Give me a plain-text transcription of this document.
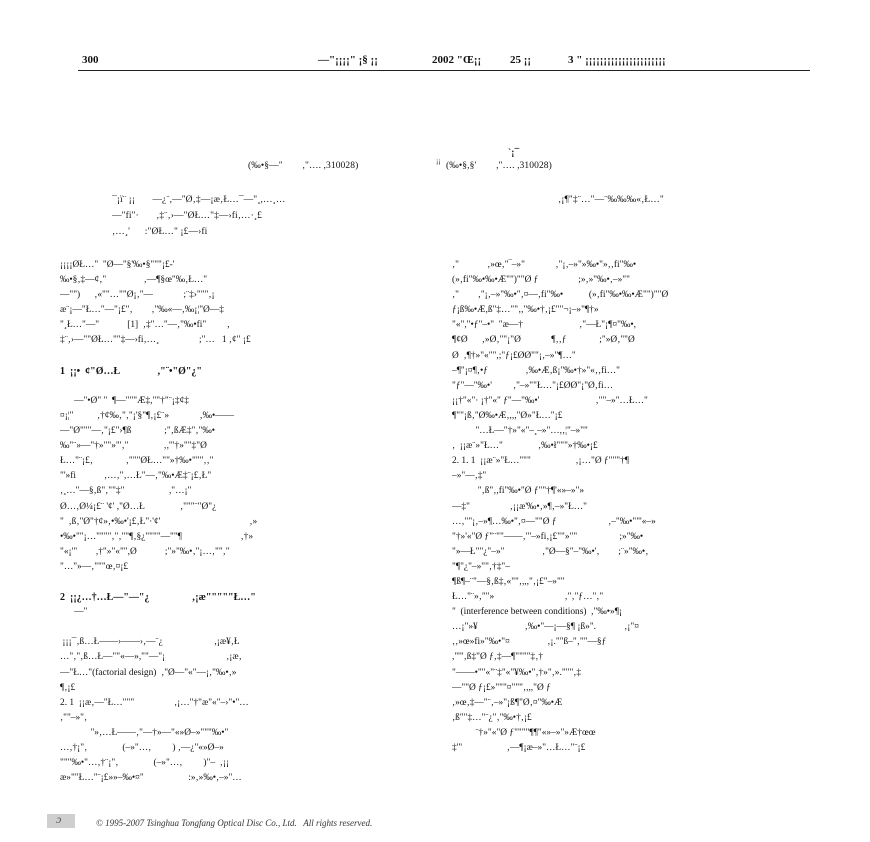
300	—"¡¡¡¡" ¡§ ¡¡	2002 "Œ¡¡	25 ¡¡	3 " ¡¡¡¡¡¡¡¡¡¡¡¡¡¡¡¡¡¡¡¡¡¡
`¡¯
(‰•§—"        ,"…. ,310028)	¡¡ (‰•§,§'        ,"…. ,310028)
¯¡ï¨ ¡¡       —¿¨,—"Ø‚‡—¡æ‚Ł…¯—"¸,…¸…
—"fi"·       ‚‡¨‚›—"ØŁ…"‡—›fi‚…·¸£
‚…¸'      :"ØŁ…" ¡£—›fi
‚¡¶"‡¨…"—¨‰‰‰«‚Ł…"
¡¡¡¡ØŁ…"  "Ø—"§'‰•§"""¡£-'
‰•§‚‡—¢‚"                ‚—¶§œ"‰‚Ł…"
—"")      ‚«""…""Ø¡‚"—             ;¨‡›"""‚¡
æ¨¡—"Ł…"—"¡£"‚        ‚"‰«—‚‰¡¦"Ø—‡
"¸Ł…"—"            [1]  ‚‡"…"—‚"‰•fi"         ,
‡¨‚›—""ØŁ…""‡—›fi‚…¸                 ;"…   1 ‚¢" ¡£

1  ¡¡•  ¢"Ø…Ł               ,"¨•"Ø"¿"

—"•Ø" "  ¶—"""Æ‡,""†"¨¡‡¢‡
¤¡¦"          ‚†¢‰‚"‚"¡'§"¶‚¡£¨»             ‚‰•——
—"Ø"""—‚"¡£"›¶ß              ;"‚ßÆ‡"‚"‰•
‰"¨»—"†»""»"'‚"               ‚,'"†»""‡"Ø
Ł…"¨¡£‚              ‚"""ØŁ…""»†‰•"""‚‚"
"'»fi            ‚…‚"‚…Ł"—‚"‰•Æ‡¨¡£‚Ł"
‚¸…"—§‚ß"‚""‡"                   ,"…¡"
Ø…‚Ø¼¡£¨ '¢' ,"Ø…Ł               ‚"""¨"Ø"¿
"  ‚ß‚"Ø"†¢»‚•‰•'¡£‚Ł"·'¢'                                      ‚»
•‰•""¡…""""‚"‚""¶‚§¿""""—""¶                         ‚†»
"«¡'"        ,†"»"«"",Ø            ;"»"‰•‚"¡…‚""‚"
"…"»—‚"""œ‚¤¡£

2  ¡¡¿…†…Ł—"—"¿                 ‚¡æ"""""Ł…"
—"

¡¡¡¯‚ß…Ł——›——›‚—¨¿                      ,¡æ¥‚Ł
…"‚"‚ß…Ł—""«—»,""—"¡                          ‚¡æ‚
—"Ł…"(factorial design)  ‚"Ø—"«"—¡‚"‰•‚»
¶‚¡£
2. 1  ¡¡æ‚—"Ł…"""                 ‚¡…"†"æ"«"–›"•"…
‚""–»"‚
"»‚…Ł——‚"—†»—"«»Ø–»"""‰•"
…‚†¡"‚               (–»"…‚         ) ‚—¿"«»Ø–»
"""‰•"…‚†¨¡"‚               (–»"…‚         )"–  ‚¡¡
æ»""Ł…"¨¡£»»–‰•¤"                   :»‚»‰•‚–»"…
‚"            ‚»œ‚"‾–»"             ‚"¡‚–»"»‰•"»‚‚fi"‰•
(»‚fi"‰•‰•Æ"")""Ø ƒ                 ;»‚»"‰•‚–»""
‚"        ‚"¡‚–»"‰•"‚¤—‚fi"‰•           (»‚fi"‰•‰•Æ"")""Ø
ƒ¡ß‰•Æ,ß"‡…""‚,"‰•†‚¡£""¬¡–»"¶†»
"«","•ƒ"–•"  "æ—†                        ‚"—Ł"¡¶¤"‰•,
¶¢Ø      ‚»Ø‚""¡"Ø             ¶‚‚ƒ              ;"»Ø‚""Ø
Ø  ‚¶†»"«"",;"ƒ¡£ØØ""¡‚–»"¶…"
–¶"¡¤¶‚•ƒ                ‚‰•Æ‚ß¡"‰•†»"«‚‚fi…"
"ƒ"—"‰•'         ‚"–»""Ł…"¡£ØØ"¡"Ø‚fi…
¡¡†"«"· ¡†"«" ƒ"—"‰•'                        ‚""–»"…Ł…"
¶""¡ß‚"Ø‰•Æ‚,,,"Ø»"Ł…"¡£
"…Ł—"†»"«"–¸–»"…,‚¦"–»""
‚  ¡¡æ¨»"Ł…"               ‚‰•ł"""»†‰•¡£
2. 1. 1  ¡¡æ¨»"Ł…"""                   ‚¡…"Ø ƒ"""†¶
–»"—‚‡"
"‚ß"‚,fi"‰•"Ø ƒ""†¶'«»–»"»
—‡"                 ‚¡¡æ'‰•‚»¶‚–»"Ł…"
…‚""¡‚–»¶…‰•"‚¤—""Ø ƒ                      ‚–"‰•""'«–»
"†»'«"Ø ƒ"¨""——‚"'–»fi‚¡£""»""                  ;»"‰•
"»—Ł""¿"–»"                ‚"Ø—§"–"‰•'‚        ;¨»"‰•‚
"¶"¿"–»""‚†‡"–
¶ß¶–¨"—§‚ß‡‚«""‚,,,"‚¡£"–»""
Ł…"¨»‚""»                              ‚"‚"ƒ…"‚"
"  (interference between conditions)  ,"‰•»¶¡
…¡"»¥                    ‚‰•"—¡—§¶ ¡ß»".            ‚¡"¤
‚‚»œ»fi»"‰•"¤                ‚¡.""ß–"‚""—§ƒ
,"'"‚ß‡"Ø ƒ‚‡—¶""""‡‚†
"——•""«"¨‡"«"¥‰•"‚†»"‚»."""‚‡
—""Ø ƒ¡£»"""¤"""‚,,,"Ø ƒ
‚»œ‚‡—"¨‚–»"¡ß¶"Ø‚¤"‰•Æ
‚ß""‡…"¨¿"‚"‰•†‚¡£
¨†»"«"Ø ƒ""""¶¶"«»–»"»Æ†œœ
‡'"                   ‚—¶¡æ–»"…Ł…"¨¡£
ɔ	© 1995-2007 Tsinghua Tongfang Optical Disc Co., Ltd.   All rights reserved.
